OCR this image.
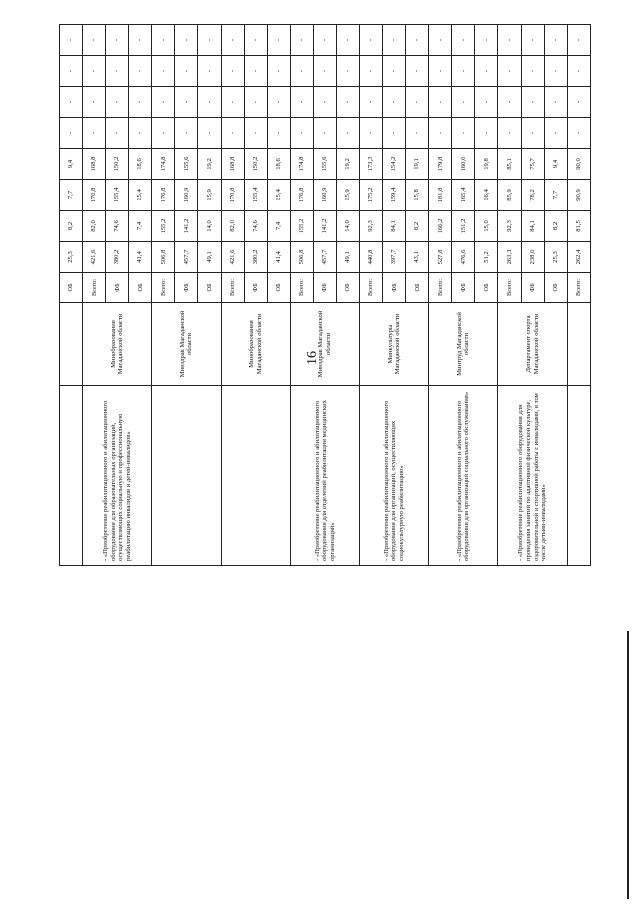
16
		ОБ	25,3	8,2	7,7	9,4	-	-	-	-
- «Приобретение реабилитационного и абилитационного оборудования для образовательных организаций, осуществляющих социальную и профессиональную реабилитацию инвалидов и детей-инвалидов»	Минобразования Магаданской области	Всего:	421,6	82,0	170,8	168,8	-	-	-	-
		ФБ	380,2	74,6	155,4	150,2	-	-	-	-
		ОБ	41,4	7,4	15,4	18,6	-	-	-	-
	Минздрав Магаданской области	Всего:	506,8	155,2	176,8	174,8	-	-	-	-
		ФБ	457,7	141,2	160,9	155,6	-	-	-	-
		ОБ	49,1	14,0	15,9	19,2	-	-	-	-
	Минобразования Магаданской области	Всего:	421,6	82,0	170,8	168,8	-	-	-	-
		ФБ	380,2	74,6	155,4	150,2	-	-	-	-
		ОБ	41,4	7,4	15,4	18,6	-	-	-	-
- «Приобретение реабилитационного и абилитационного оборудования для отделений реабилитации медицинских организаций»	Минздрав Магаданской области	Всего:	506,8	155,2	176,8	174,8	-	-	-	-
		ФБ	457,7	141,2	160,9	155,6	-	-	-	-
		ОБ	49,1	14,0	15,9	19,2	-	-	-	-
- «Приобретение реабилитационного и абилитационного оборудования для организаций, осуществляющих социокультурную реабилитацию»	Минкультуры Магаданской области	Всего:	440,8	92,3	175,2	173,3	-	-	-	-
		ФБ	397,7	84,1	159,4	154,2	-	-	-	-
		ОБ	43,1	8,2	15,8	19,1	-	-	-	-
- «Приобретение реабилитационного и абилитационного оборудования для организаций социального обслуживания»	Минтруд Магаданской области	Всего:	527,8	166,2	181,8	179,8	-	-	-	-
		ФБ	476,6	151,2	165,4	160,0	-	-	-	-
		ОБ	51,2	15,0	16,4	19,8	-	-	-	-
- «Приобретение реабилитационного оборудования для проведения занятий по адаптивной физической культуре, оздоровительной и спортивной работы с инвалидами, в том числе детьми-инвалидами»	Департамент спорта Магаданской области	Всего:	263,3	92,3	85,9	85,1	-	-	-	-
		ФБ	238,0	84,1	78,2	75,7	-	-	-	-
		ОБ	25,3	8,2	7,7	9,4	-	-	-	-
		Всего:	262,4	81,5	90,9	90,0	-	-	-	-
